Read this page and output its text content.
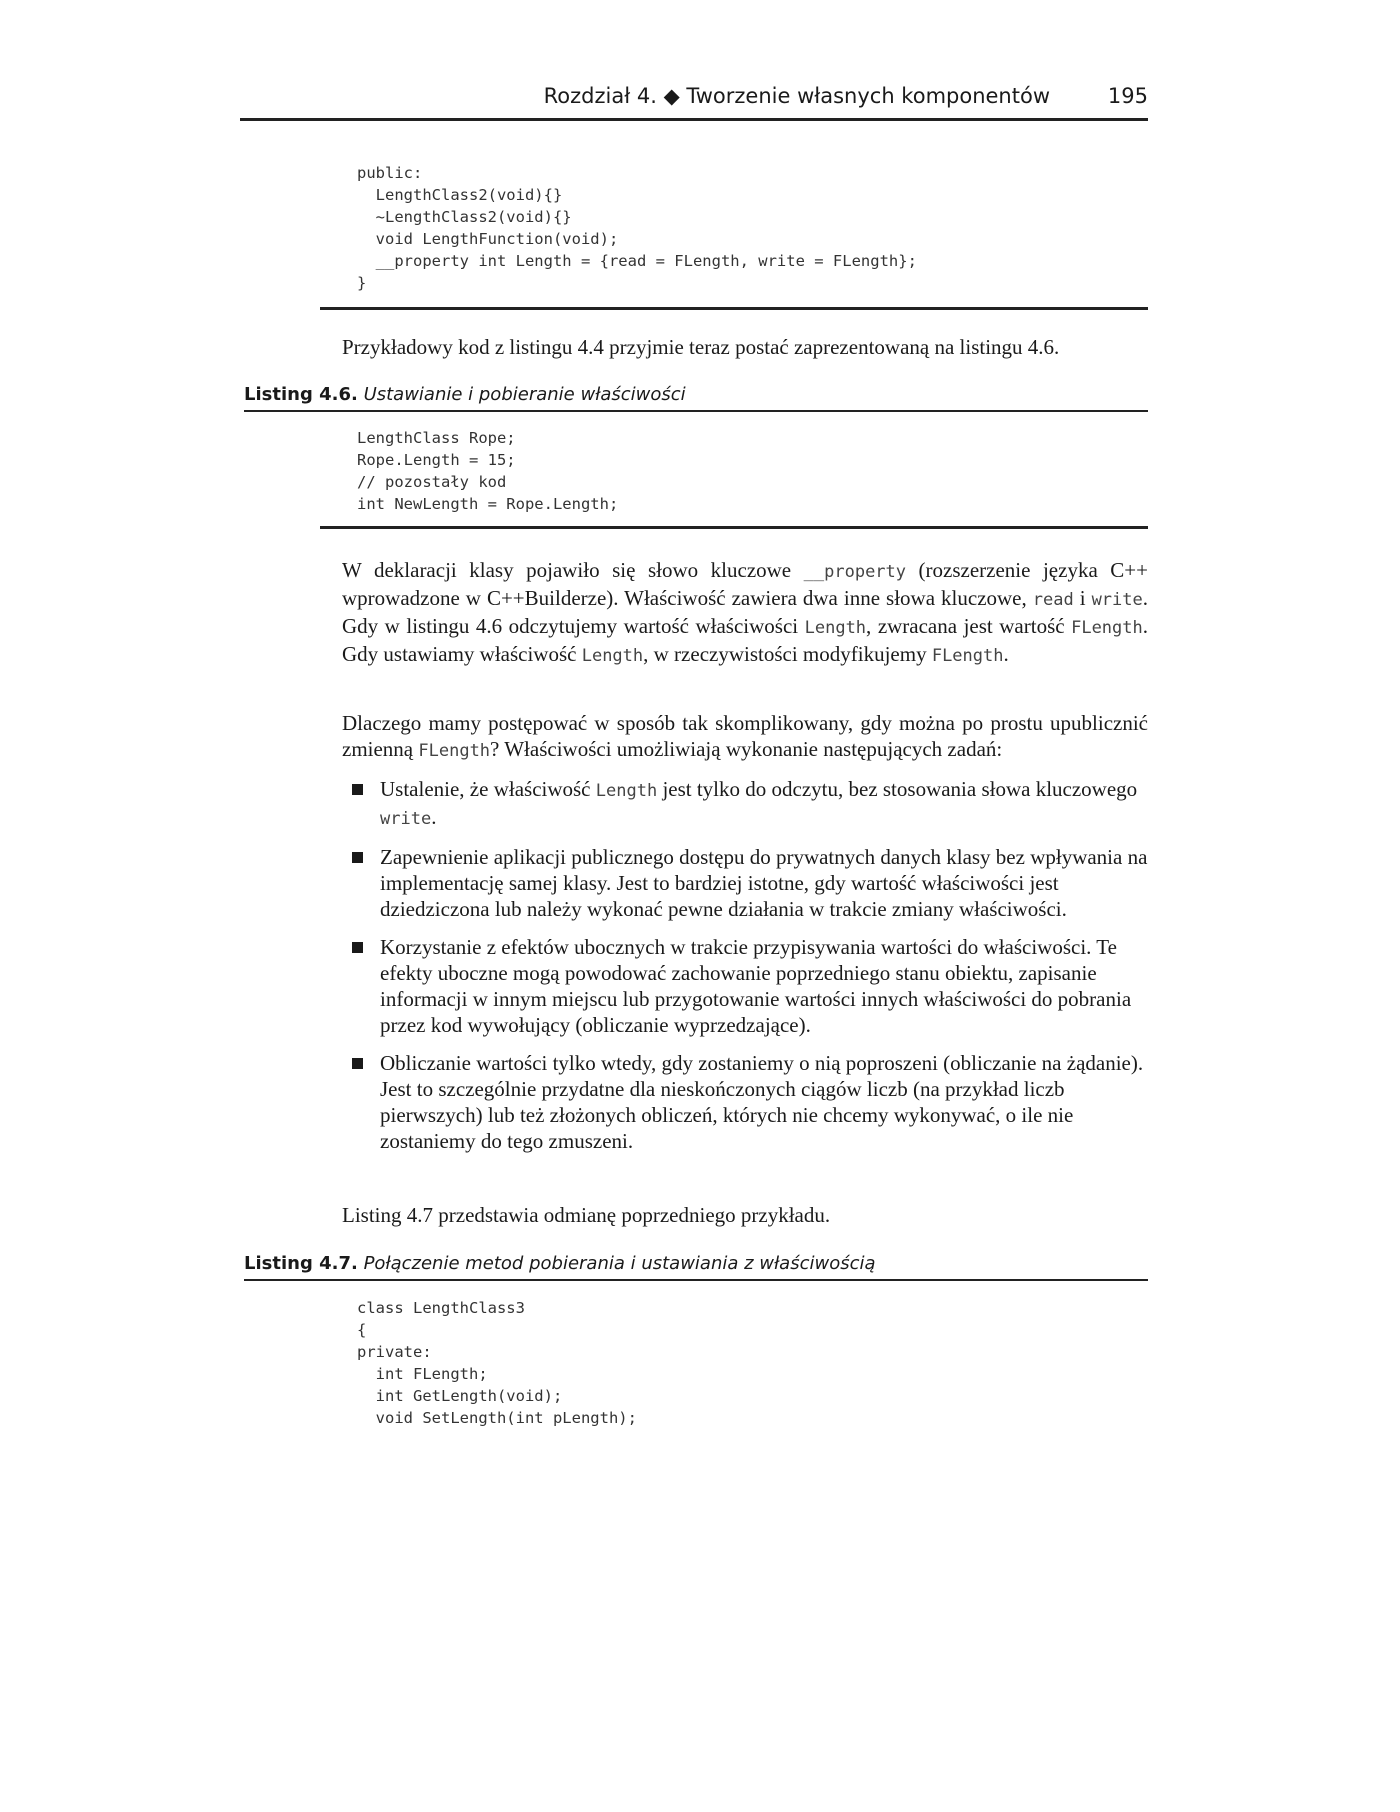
Rozdział 4. ◆ Tworzenie własnych komponentów	195
public:
LengthClass2(void){}
~LengthClass2(void){}
void LengthFunction(void);
__property int Length = {read = FLength, write = FLength};
}
Przykładowy kod z listingu 4.4 przyjmie teraz postać zaprezentowaną na listingu 4.6.
Listing 4.6. Ustawianie i pobieranie właściwości
LengthClass Rope;
Rope.Length = 15;
// pozostały kod
int NewLength = Rope.Length;
W deklaracji klasy pojawiło się słowo kluczowe __property (rozszerzenie języka C++ wprowadzone w C++Builderze). Właściwość zawiera dwa inne słowa kluczowe, read i write. Gdy w listingu 4.6 odczytujemy wartość właściwości Length, zwracana jest wartość FLength. Gdy ustawiamy właściwość Length, w rzeczywistości modyfikujemy FLength.
Dlaczego mamy postępować w sposób tak skomplikowany, gdy można po prostu upublicznić zmienną FLength? Właściwości umożliwiają wykonanie następujących zadań:
Ustalenie, że właściwość Length jest tylko do odczytu, bez stosowania słowa kluczowego write.
Zapewnienie aplikacji publicznego dostępu do prywatnych danych klasy bez wpływania na implementację samej klasy. Jest to bardziej istotne, gdy wartość właściwości jest dziedziczona lub należy wykonać pewne działania w trakcie zmiany właściwości.
Korzystanie z efektów ubocznych w trakcie przypisywania wartości do właściwości. Te efekty uboczne mogą powodować zachowanie poprzedniego stanu obiektu, zapisanie informacji w innym miejscu lub przygotowanie wartości innych właściwości do pobrania przez kod wywołujący (obliczanie wyprzedzające).
Obliczanie wartości tylko wtedy, gdy zostaniemy o nią poproszeni (obliczanie na żądanie). Jest to szczególnie przydatne dla nieskończonych ciągów liczb (na przykład liczb pierwszych) lub też złożonych obliczeń, których nie chcemy wykonywać, o ile nie zostaniemy do tego zmuszeni.
Listing 4.7 przedstawia odmianę poprzedniego przykładu.
Listing 4.7. Połączenie metod pobierania i ustawiania z właściwością
class LengthClass3
{
private:
int FLength;
int GetLength(void);
void SetLength(int pLength);
